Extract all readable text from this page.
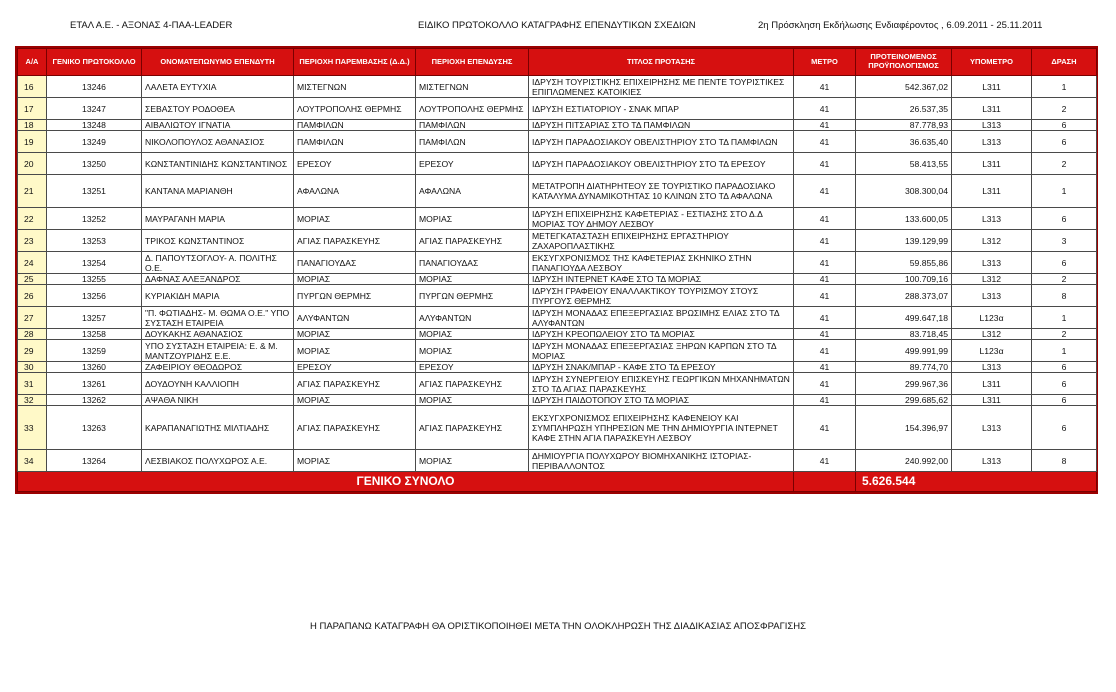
ΕΤΑΛ Α.Ε. - ΑΞΟΝΑΣ 4-ΠΑΑ-LEADER	ΕΙΔΙΚΟ ΠΡΩΤΟΚΟΛΛΟ ΚΑΤΑΓΡΑΦΗΣ ΕΠΕΝΔΥΤΙΚΩΝ ΣΧΕΔΙΩΝ	2η Πρόσκληση Εκδήλωσης Ενδιαφέροντος , 6.09.2011 - 25.11.2011
Α/Α	ΓΕΝΙΚΟ ΠΡΩΤΟΚΟΛΛΟ	ΟΝΟΜΑΤΕΠΩΝΥΜΟ ΕΠΕΝΔΥΤΗ	ΠΕΡΙΟΧΗ ΠΑΡΕΜΒΑΣΗΣ (Δ.Δ.)	ΠΕΡΙΟΧΗ ΕΠΕΝΔΥΣΗΣ	ΤΙΤΛΟΣ ΠΡΟΤΑΣΗΣ	ΜΕΤΡΟ	ΠΡΟΤΕΙΝΟΜΕΝΟΣ ΠΡΟΫΠΟΛΟΓΙΣΜΟΣ	ΥΠΟΜΕΤΡΟ	ΔΡΑΣΗ
16	13246	ΛΑΛΕΤΑ ΕΥΤΥΧΙΑ	ΜΙΣΤΕΓΝΩΝ	ΜΙΣΤΕΓΝΩΝ	ΙΔΡΥΣΗ ΤΟΥΡΙΣΤΙΚΗΣ ΕΠΙΧΕΙΡΗΣΗΣ ΜΕ ΠΕΝΤΕ ΤΟΥΡΙΣΤΙΚΕΣ ΕΠΙΠΛΩΜΕΝΕΣ ΚΑΤΟΙΚΙΕΣ	41	542.367,02	L311	1
17	13247	ΣΕΒΑΣΤΟΥ ΡΟΔΟΘΕΑ	ΛΟΥΤΡΟΠΟΛΗΣ ΘΕΡΜΗΣ	ΛΟΥΤΡΟΠΟΛΗΣ ΘΕΡΜΗΣ	ΙΔΡΥΣΗ ΕΣΤΙΑΤΟΡΙΟΥ - ΣΝΑΚ ΜΠΑΡ	41	26.537,35	L311	2
18	13248	ΑΙΒΑΛΙΩΤΟΥ ΙΓΝΑΤΙΑ	ΠΑΜΦΙΛΩΝ	ΠΑΜΦΙΛΩΝ	ΙΔΡΥΣΗ ΠΙΤΣΑΡΙΑΣ ΣΤΟ ΤΔ ΠΑΜΦΙΛΩΝ	41	87.778,93	L313	6
19	13249	ΝΙΚΟΛΟΠΟΥΛΟΣ ΑΘΑΝΑΣΙΟΣ	ΠΑΜΦΙΛΩΝ	ΠΑΜΦΙΛΩΝ	ΙΔΡΥΣΗ ΠΑΡΑΔΟΣΙΑΚΟΥ ΟΒΕΛΙΣΤΗΡΙΟΥ ΣΤΟ ΤΔ ΠΑΜΦΙΛΩΝ	41	36.635,40	L313	6
20	13250	ΚΩΝΣΤΑΝΤΙΝΙΔΗΣ ΚΩΝΣΤΑΝΤΙΝΟΣ	ΕΡΕΣΟΥ	ΕΡΕΣΟΥ	ΙΔΡΥΣΗ ΠΑΡΑΔΟΣΙΑΚΟΥ ΟΒΕΛΙΣΤΗΡΙΟΥ ΣΤΟ ΤΔ ΕΡΕΣΟΥ	41	58.413,55	L311	2
21	13251	ΚΑΝΤΑΝΑ ΜΑΡΙΑΝΘΗ	ΑΦΑΛΩΝΑ	ΑΦΑΛΩΝΑ	ΜΕΤΑΤΡΟΠΗ ΔΙΑΤΗΡΗΤΕΟΥ ΣΕ ΤΟΥΡΙΣΤΙΚΟ ΠΑΡΑΔΟΣΙΑΚΟ ΚΑΤΑΛΥΜΑ ΔΥΝΑΜΙΚΟΤΗΤΑΣ 10 ΚΛΙΝΩΝ ΣΤΟ ΤΔ ΑΦΑΛΩΝΑ	41	308.300,04	L311	1
22	13252	ΜΑΥΡΑΓΑΝΗ ΜΑΡΙΑ	ΜΟΡΙΑΣ	ΜΟΡΙΑΣ	ΙΔΡΥΣΗ ΕΠΙΧΕΙΡΗΣΗΣ ΚΑΦΕΤΕΡΙΑΣ - ΕΣΤΙΑΣΗΣ ΣΤΟ Δ.Δ ΜΟΡΙΑΣ ΤΟΥ ΔΗΜΟΥ ΛΕΣΒΟΥ	41	133.600,05	L313	6
23	13253	ΤΡΙΚΟΣ ΚΩΝΣΤΑΝΤΙΝΟΣ	ΑΓΙΑΣ ΠΑΡΑΣΚΕΥΗΣ	ΑΓΙΑΣ ΠΑΡΑΣΚΕΥΗΣ	ΜΕΤΕΓΚΑΤΑΣΤΑΣΗ ΕΠΙΧΕΙΡΗΣΗΣ ΕΡΓΑΣΤΗΡΙΟΥ ΖΑΧΑΡΟΠΛΑΣΤΙΚΗΣ	41	139.129,99	L312	3
24	13254	Δ. ΠΑΠΟΥΤΣΟΓΛΟΥ- Α. ΠΟΛΙΤΗΣ Ο.Ε.	ΠΑΝΑΓΙΟΥΔΑΣ	ΠΑΝΑΓΙΟΥΔΑΣ	ΕΚΣΥΓΧΡΟΝΙΣΜΟΣ ΤΗΣ ΚΑΦΕΤΕΡΙΑΣ ΣΚΗΝΙΚΟ ΣΤΗΝ ΠΑΝΑΓΙΟΥΔΑ ΛΕΣΒΟΥ	41	59.855,86	L313	6
25	13255	ΔΑΦΝΑΣ ΑΛΕΞΑΝΔΡΟΣ	ΜΟΡΙΑΣ	ΜΟΡΙΑΣ	ΙΔΡΥΣΗ ΙΝΤΕΡΝΕΤ ΚΑΦΕ ΣΤΟ ΤΔ ΜΟΡΙΑΣ	41	100.709,16	L312	2
26	13256	ΚΥΡΙΑΚΙΔΗ ΜΑΡΙΑ	ΠΥΡΓΩΝ ΘΕΡΜΗΣ	ΠΥΡΓΩΝ ΘΕΡΜΗΣ	ΙΔΡΥΣΗ ΓΡΑΦΕΙΟΥ ΕΝΑΛΛΑΚΤΙΚΟΥ ΤΟΥΡΙΣΜΟΥ ΣΤΟΥΣ ΠΥΡΓΟΥΣ ΘΕΡΜΗΣ	41	288.373,07	L313	8
27	13257	"Π. ΦΩΤΙΑΔΗΣ- Μ. ΘΩΜΑ Ο.Ε." ΥΠΟ ΣΥΣΤΑΣΗ ΕΤΑΙΡΕΙΑ	ΑΛΥΦΑΝΤΩΝ	ΑΛΥΦΑΝΤΩΝ	ΙΔΡΥΣΗ ΜΟΝΑΔΑΣ ΕΠΕΞΕΡΓΑΣΙΑΣ ΒΡΩΣΙΜΗΣ ΕΛΙΑΣ ΣΤΟ ΤΔ ΑΛΥΦΑΝΤΩΝ	41	499.647,18	L123α	1
28	13258	ΔΟΥΚΑΚΗΣ ΑΘΑΝΑΣΙΟΣ	ΜΟΡΙΑΣ	ΜΟΡΙΑΣ	ΙΔΡΥΣΗ ΚΡΕΟΠΩΛΕΙΟΥ ΣΤΟ ΤΔ ΜΟΡΙΑΣ	41	83.718,45	L312	2
29	13259	ΥΠΟ ΣΥΣΤΑΣΗ ΕΤΑΙΡΕΙΑ: Ε. & Μ. ΜΑΝΤΖΟΥΡΙΔΗΣ Ε.Ε.	ΜΟΡΙΑΣ	ΜΟΡΙΑΣ	ΙΔΡΥΣΗ ΜΟΝΑΔΑΣ ΕΠΕΞΕΡΓΑΣΙΑΣ ΞΗΡΩΝ ΚΑΡΠΩΝ ΣΤΟ ΤΔ ΜΟΡΙΑΣ	41	499.991,99	L123α	1
30	13260	ΖΑΦΕΙΡΙΟΥ ΘΕΟΔΩΡΟΣ	ΕΡΕΣΟΥ	ΕΡΕΣΟΥ	ΙΔΡΥΣΗ ΣΝΑΚ/ΜΠΑΡ - ΚΑΦΕ ΣΤΟ ΤΔ ΕΡΕΣΟΥ	41	89.774,70	L313	6
31	13261	ΔΟΥΔΟΥΝΗ ΚΑΛΛΙΟΠΗ	ΑΓΙΑΣ ΠΑΡΑΣΚΕΥΗΣ	ΑΓΙΑΣ ΠΑΡΑΣΚΕΥΗΣ	ΙΔΡΥΣΗ ΣΥΝΕΡΓΕΙΟΥ ΕΠΙΣΚΕΥΗΣ ΓΕΩΡΓΙΚΩΝ ΜΗΧΑΝΗΜΑΤΩΝ ΣΤΟ ΤΔ ΑΓΙΑΣ ΠΑΡΑΣΚΕΥΗΣ	41	299.967,36	L311	6
32	13262	ΑΨΑΘΑ ΝΙΚΗ	ΜΟΡΙΑΣ	ΜΟΡΙΑΣ	ΙΔΡΥΣΗ ΠΑΙΔΟΤΟΠΟΥ ΣΤΟ ΤΔ ΜΟΡΙΑΣ	41	299.685,62	L311	6
33	13263	ΚΑΡΑΠΑΝΑΓΙΩΤΗΣ ΜΙΛΤΙΑΔΗΣ	ΑΓΙΑΣ ΠΑΡΑΣΚΕΥΗΣ	ΑΓΙΑΣ ΠΑΡΑΣΚΕΥΗΣ	ΕΚΣΥΓΧΡΟΝΙΣΜΟΣ ΕΠΙΧΕΙΡΗΣΗΣ ΚΑΦΕΝΕΙΟΥ ΚΑΙ ΣΥΜΠΛΗΡΩΣΗ ΥΠΗΡΕΣΙΩΝ ΜΕ ΤΗΝ ΔΗΜΙΟΥΡΓΙΑ ΙΝΤΕΡΝΕΤ ΚΑΦΕ ΣΤΗΝ ΑΓΙΑ ΠΑΡΑΣΚΕΥΗ ΛΕΣΒΟΥ	41	154.396,97	L313	6
34	13264	ΛΕΣΒΙΑΚΟΣ ΠΟΛΥΧΩΡΟΣ Α.Ε.	ΜΟΡΙΑΣ	ΜΟΡΙΑΣ	ΔΗΜΙΟΥΡΓΙΑ ΠΟΛΥΧΩΡΟΥ ΒΙΟΜΗΧΑΝΙΚΗΣ ΙΣΤΟΡΙΑΣ- ΠΕΡΙΒΑΛΛΟΝΤΟΣ	41	240.992,00	L313	8
ΓΕΝΙΚΟ ΣΥΝΟΛΟ							5.626.544		
Η ΠΑΡΑΠΑΝΩ ΚΑΤΑΓΡΑΦΗ ΘΑ ΟΡΙΣΤΙΚΟΠΟΙΗΘΕΙ ΜΕΤΑ ΤΗΝ ΟΛΟΚΛΗΡΩΣΗ ΤΗΣ ΔΙΑΔΙΚΑΣΙΑΣ ΑΠΟΣΦΡΑΓΙΣΗΣ
